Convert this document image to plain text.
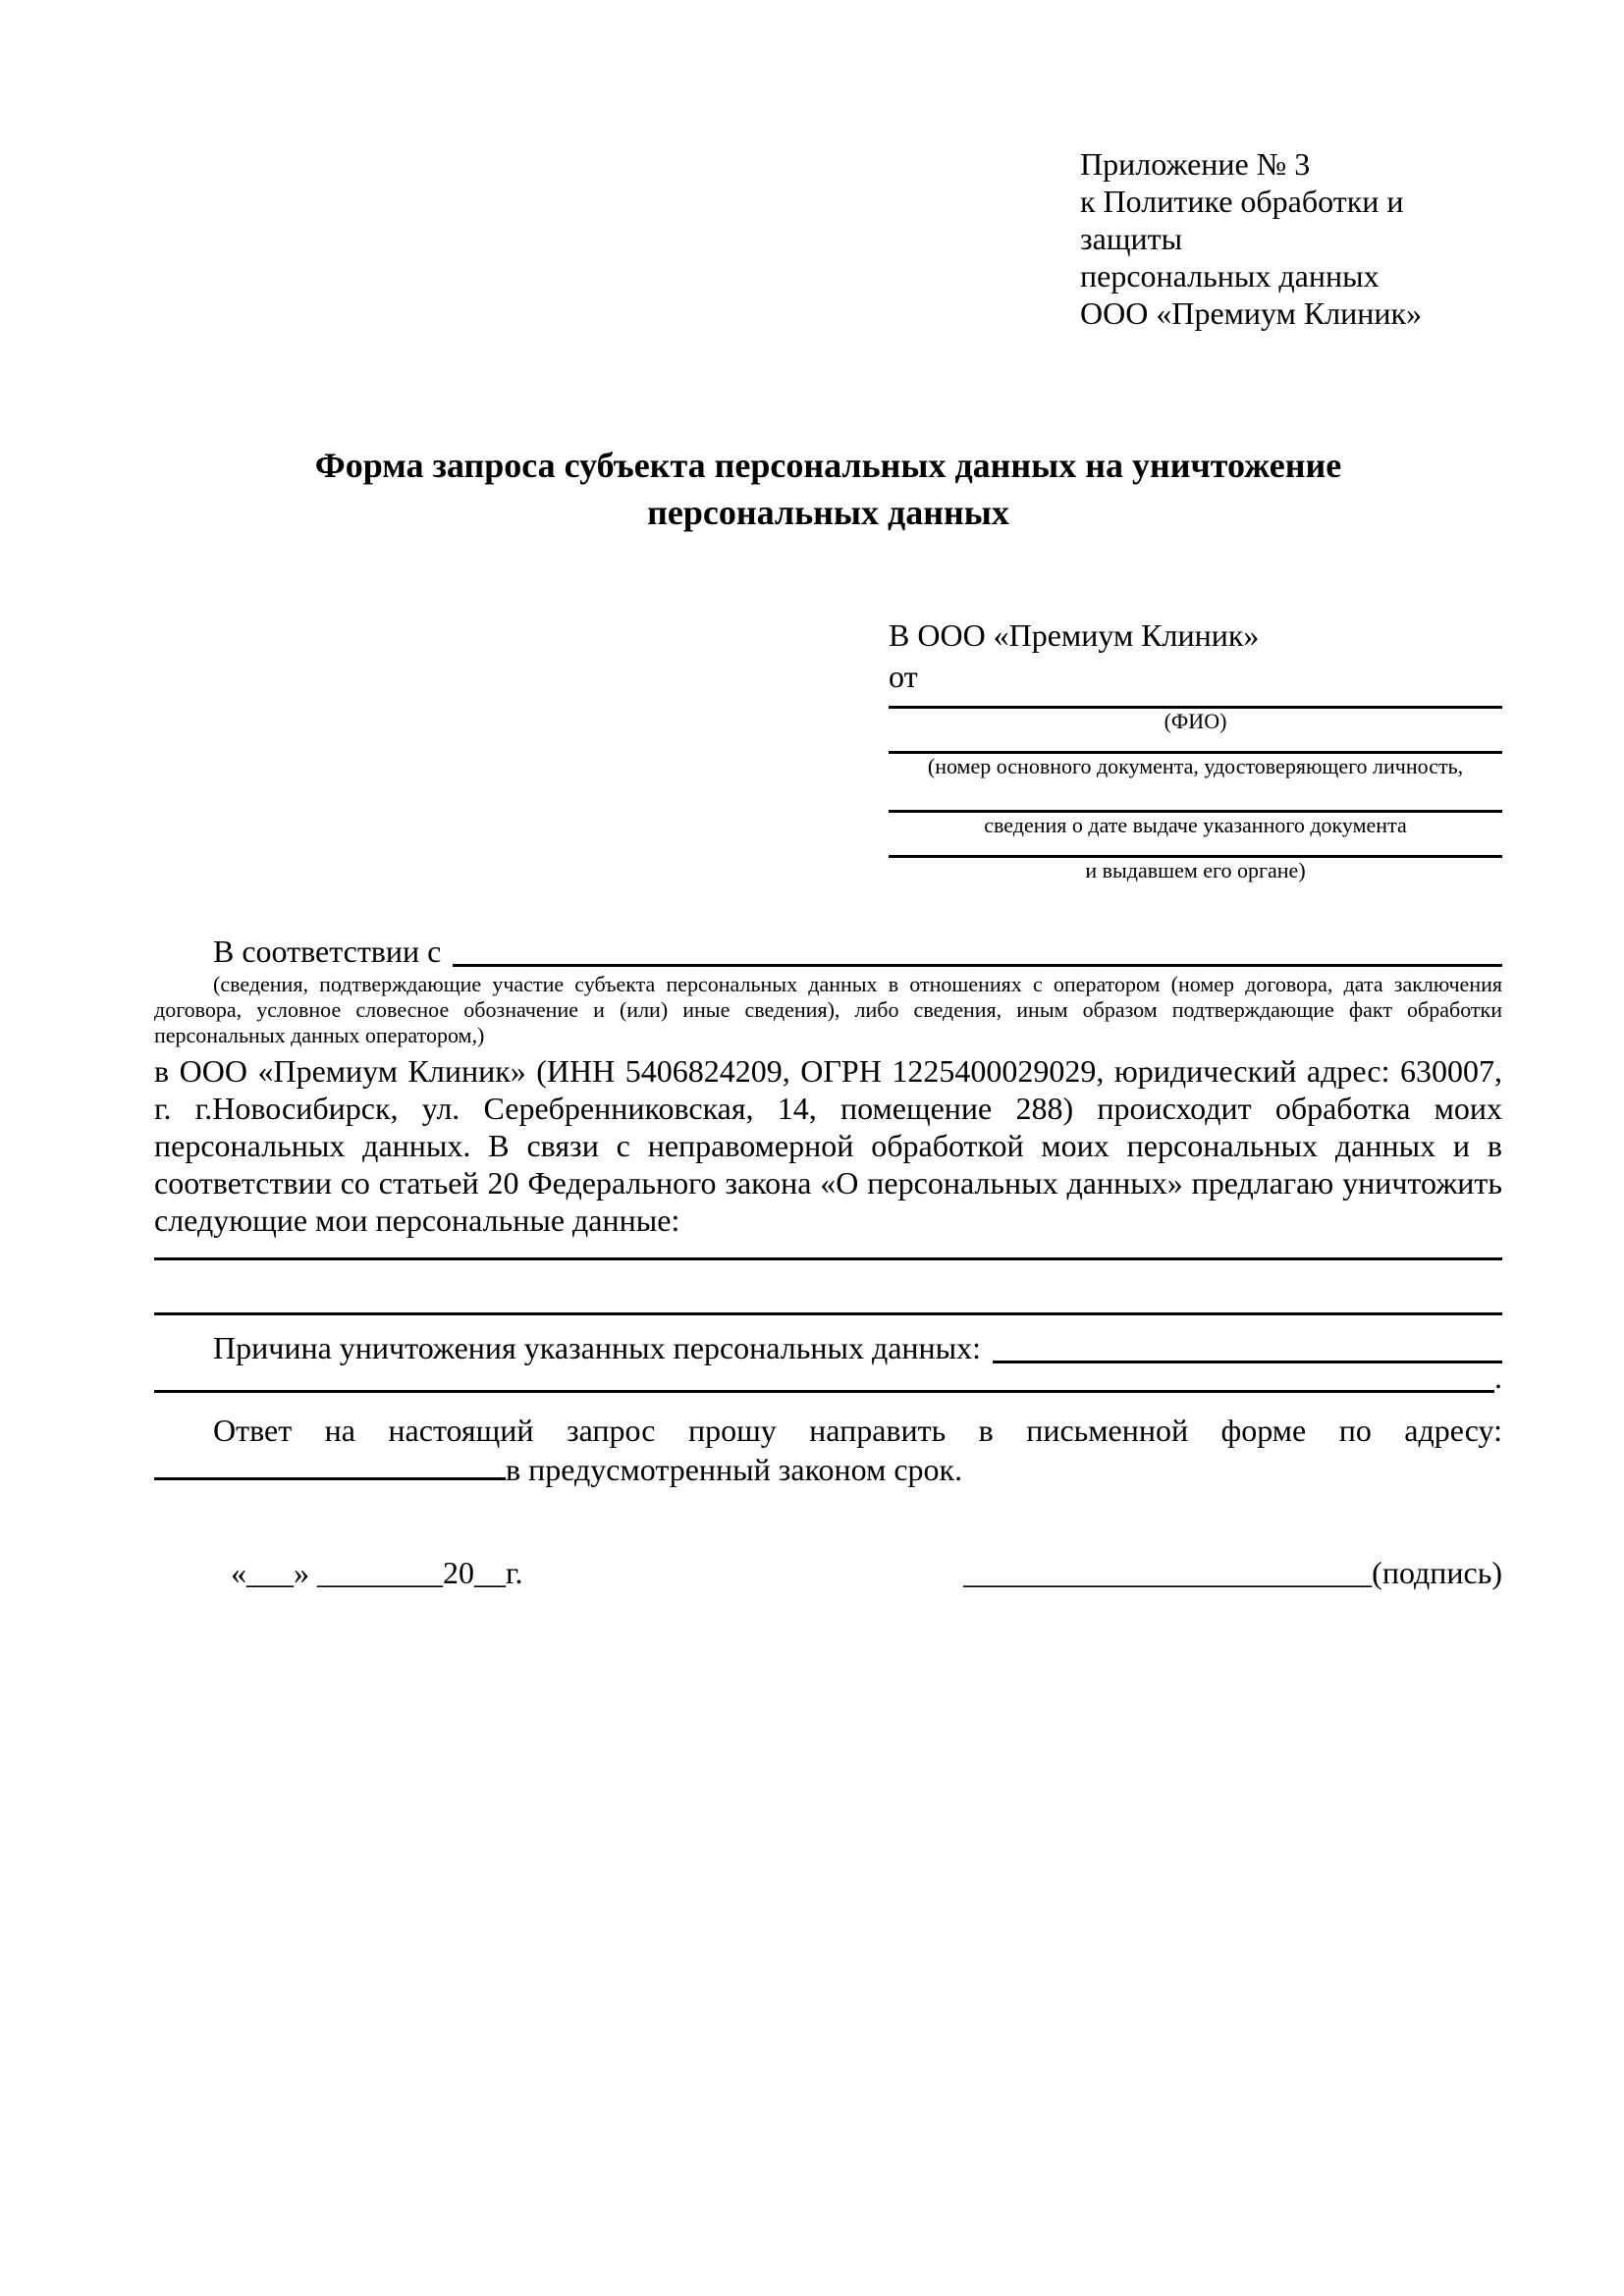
Приложение № 3
к Политике обработки и защиты
персональных данных
ООО «Премиум Клиник»
Форма запроса субъекта персональных данных на уничтожение персональных данных
В ООО «Премиум Клиник»
от
(ФИО)
(номер основного документа, удостоверяющего личность,
сведения о дате выдаче указанного документа
и выдавшем его органе)
В соответствии с
(сведения, подтверждающие участие субъекта персональных данных в отношениях с оператором (номер договора, дата заключения договора, условное словесное обозначение и (или) иные сведения), либо сведения, иным образом подтверждающие факт обработки персональных данных оператором,)
в ООО «Премиум Клиник» (ИНН 5406824209, ОГРН 1225400029029, юридический адрес: 630007, г. г.Новосибирск, ул. Серебренниковская, 14, помещение 288) происходит обработка моих персональных данных. В связи с неправомерной обработкой моих персональных данных и в соответствии со статьей 20 Федерального закона «О персональных данных» предлагаю уничтожить следующие мои персональные данные:
Причина уничтожения указанных персональных данных:
.
Ответ на настоящий запрос прошу направить в письменной форме по адресу:
в предусмотренный законом срок.
«___» ________20__г.	__________________________(подпись)
